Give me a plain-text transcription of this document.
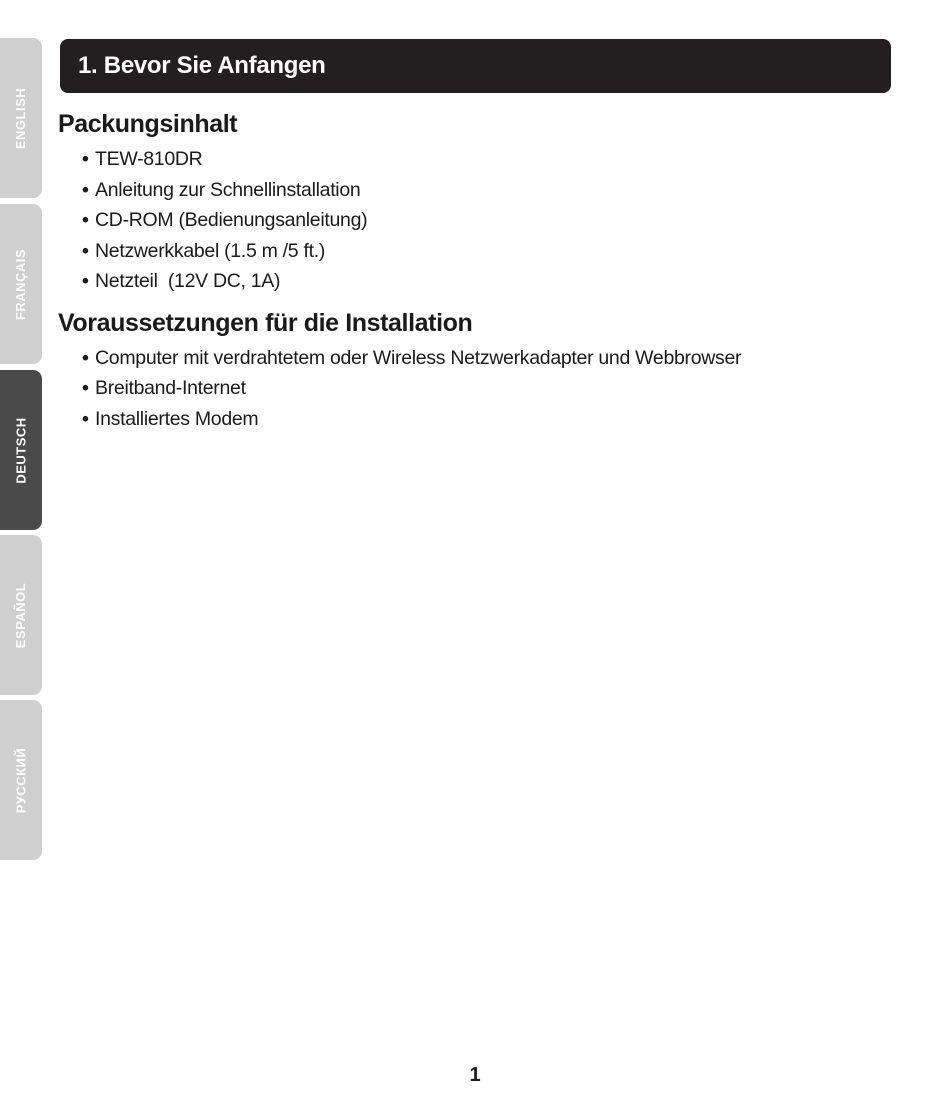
ENGLISH
FRANÇAIS
DEUTSCH
ESPAÑOL
РУССКИЙ
1. Bevor Sie Anfangen
Packungsinhalt
• TEW-810DR
• Anleitung zur Schnellinstallation
• CD-ROM (Bedienungsanleitung)
• Netzwerkkabel (1.5 m /5 ft.)
• Netzteil  (12V DC, 1A)
Voraussetzungen für die Installation
• Computer mit verdrahtetem oder Wireless Netzwerkadapter und Webbrowser
• Breitband-Internet
• Installiertes Modem
1
